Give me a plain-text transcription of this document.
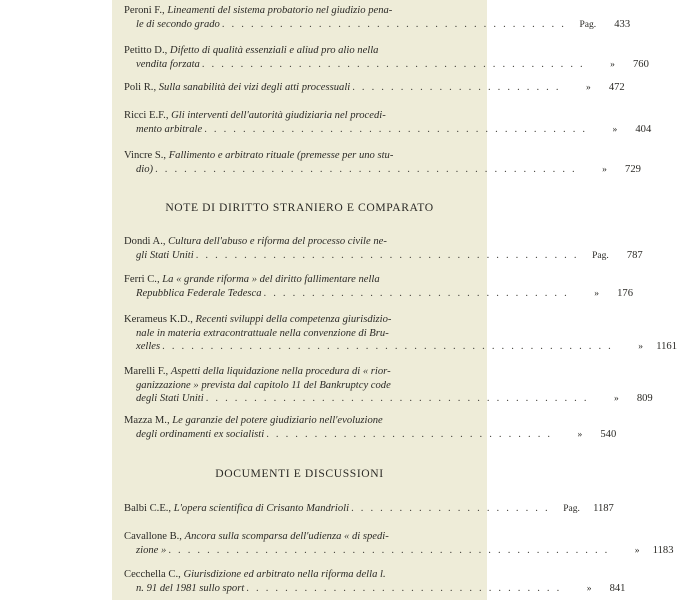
Peroni F., Lineamenti del sistema probatorio nel giudizio pena-
le di secondo grado . . . . . . . . . . . . . . . . . . . . . . . . . . . . . . . . . . . .	Pag.	433
Petitto D., Difetto di qualità essenziali e aliud pro alio nella
vendita forzata . . . . . . . . . . . . . . . . . . . . . . . . . . . . . . . . . . . . . . . .	»	760
Poli R., Sulla sanabilità dei vizi degli atti processuali . . . . . . . . . . . . . . . . . . . . . .	»	472
Ricci E.F., Gli interventi dell'autorità giudiziaria nel procedi-
mento arbitrale . . . . . . . . . . . . . . . . . . . . . . . . . . . . . . . . . . . . . . . .	»	404
Vincre S., Fallimento e arbitrato rituale (premesse per uno stu-
dio) . . . . . . . . . . . . . . . . . . . . . . . . . . . . . . . . . . . . . . . . . . . .	»	729
NOTE DI DIRITTO STRANIERO E COMPARATO
Dondi A., Cultura dell'abuso e riforma del processo civile ne-
gli Stati Uniti . . . . . . . . . . . . . . . . . . . . . . . . . . . . . . . . . . . . . . . .	Pag.	787
Ferri C., La « grande riforma » del diritto fallimentare nella
Repubblica Federale Tedesca . . . . . . . . . . . . . . . . . . . . . . . . . . . . . . . .	»	176
Kerameus K.D., Recenti sviluppi della competenza giurisdizio-
nale in materia extracontrattuale nella convenzione di Bru-
xelles . . . . . . . . . . . . . . . . . . . . . . . . . . . . . . . . . . . . . . . . . . . . . . .	»	1161
Marelli F., Aspetti della liquidazione nella procedura di « rior-
ganizzazione » prevista dal capitolo 11 del Bankruptcy code
degli Stati Uniti . . . . . . . . . . . . . . . . . . . . . . . . . . . . . . . . . . . . . . . .	»	809
Mazza M., Le garanzie del potere giudiziario nell'evoluzione
degli ordinamenti ex socialisti . . . . . . . . . . . . . . . . . . . . . . . . . . . . . .	»	540
DOCUMENTI E DISCUSSIONI
Balbi C.E., L'opera scientifica di Crisanto Mandrioli . . . . . . . . . . . . . . . . . . . . .	Pag.	1187
Cavallone B., Ancora sulla scomparsa dell'udienza « di spedi-
zione » . . . . . . . . . . . . . . . . . . . . . . . . . . . . . . . . . . . . . . . . . . . . . .	»	1183
Cecchella C., Giurisdizione ed arbitrato nella riforma della l.
n. 91 del 1981 sullo sport . . . . . . . . . . . . . . . . . . . . . . . . . . . . . . . . .	»	841
